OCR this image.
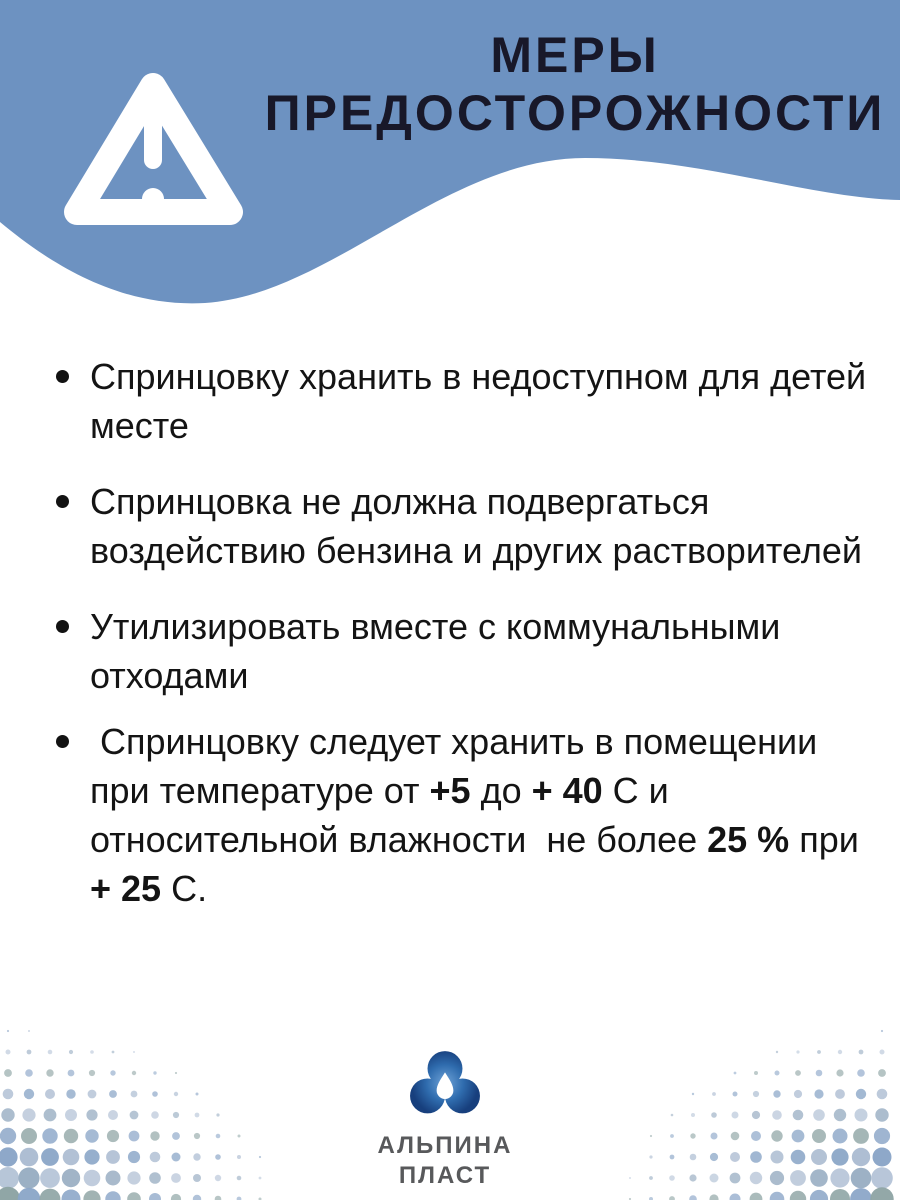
МЕРЫ
ПРЕДОСТОРОЖНОСТИ
Спринцовку хранить в недоступном для детей
месте
Спринцовка не должна подвергаться
воздействию бензина и других растворителей
Утилизировать вместе с коммунальными
отходами
Спринцовку следует хранить в помещении
при температуре от +5 до + 40 С и
относительной влажности  не более 25 % при
+ 25 С.
АЛЬПИНА
ПЛАСТ
